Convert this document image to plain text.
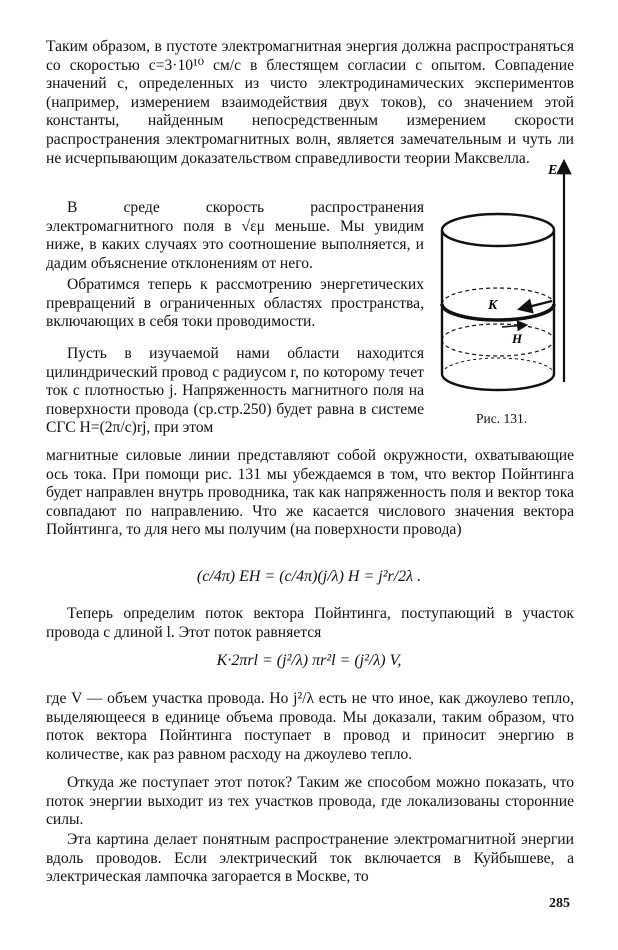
Таким образом, в пустоте электромагнитная энергия должна распространяться со скоростью c=3·10¹⁰ см/с в блестящем согласии с опытом. Совпадение значений c, определенных из чисто электродинамических экспериментов (например, измерением взаимодействия двух токов), со значением этой константы, найденным непосредственным измерением скорости распространения электромагнитных волн, является замечательным и чуть ли не исчерпывающим доказательством справедливости теории Максвелла.

В среде скорость распространения электромагнитного поля в √εμ меньше. Мы увидим ниже, в каких случаях это соотношение выполняется, и дадим объяснение отклонениям от него.

Обратимся теперь к рассмотрению энергетических превращений в ограниченных областях пространства, включающих в себя токи проводимости.

Пусть в изучаемой нами области находится цилиндрический провод с радиусом r, по которому течет ток с плотностью j. Напряженность магнитного поля на поверхности провода (ср.стр.250) будет равна в системе СГС H=(2π/c)rj, при этом

E
K
H
Рис. 131.

магнитные силовые линии представляют собой окружности, охватывающие ось тока. При помощи рис. 131 мы убеждаемся в том, что вектор Пойнтинга будет направлен внутрь проводника, так как напряженность поля и вектор тока совпадают по направлению. Что же касается числового значения вектора Пойнтинга, то для него мы получим (на поверхности провода)

(c/4π) EH = (c/4π)(j/λ) H = j²r/2λ .

Теперь определим поток вектора Пойнтинга, поступающий в участок провода с длиной l. Этот поток равняется

K·2πrl = (j²/λ) πr²l = (j²/λ) V,

где V — объем участка провода. Но j²/λ есть не что иное, как джоулево тепло, выделяющееся в единице объема провода. Мы доказали, таким образом, что поток вектора Пойнтинга поступает в провод и приносит энергию в количестве, как раз равном расходу на джоулево тепло.

Откуда же поступает этот поток? Таким же способом можно показать, что поток энергии выходит из тех участков провода, где локализованы сторонние силы.

Эта картина делает понятным распространение электромагнитной энергии вдоль проводов. Если электрический ток включается в Куйбышеве, а электрическая лампочка загорается в Москве, то

285
